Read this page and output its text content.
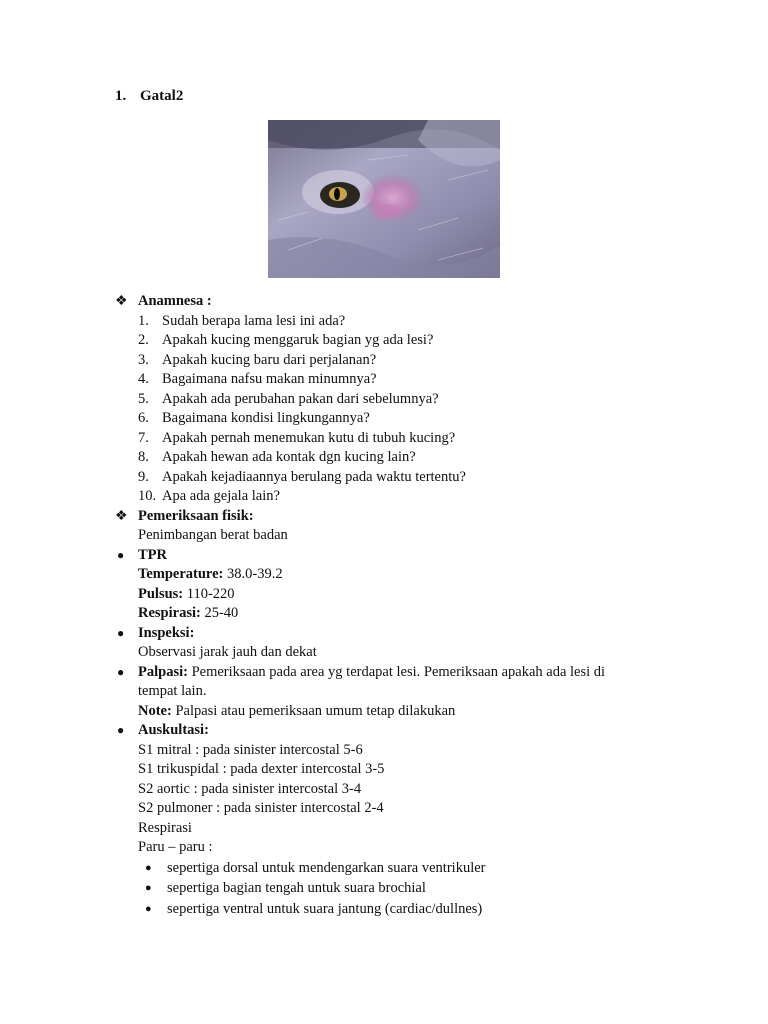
1. Gatal2
❖ Anamnesa :
1. Sudah berapa lama lesi ini ada?
2. Apakah kucing menggaruk bagian yg ada lesi?
3. Apakah kucing baru dari perjalanan?
4. Bagaimana nafsu makan minumnya?
5. Apakah ada perubahan pakan dari sebelumnya?
6. Bagaimana kondisi lingkungannya?
7. Apakah pernah menemukan kutu di tubuh kucing?
8. Apakah hewan ada kontak dgn kucing lain?
9. Apakah kejadiaannya berulang pada waktu tertentu?
10. Apa ada gejala lain?
❖ Pemeriksaan fisik:
Penimbangan berat badan
● TPR
Temperature: 38.0-39.2
Pulsus: 110-220
Respirasi: 25-40
● Inspeksi:
Observasi jarak jauh dan dekat
● Palpasi: Pemeriksaan pada area yg terdapat lesi. Pemeriksaan apakah ada lesi di tempat lain.
Note: Palpasi atau pemeriksaan umum tetap dilakukan
● Auskultasi:
S1 mitral : pada sinister intercostal 5-6
S1 trikuspidal : pada dexter intercostal 3-5
S2 aortic : pada sinister intercostal 3-4
S2 pulmoner : pada sinister intercostal 2-4
Respirasi
Paru – paru :
● sepertiga dorsal untuk mendengarkan suara ventrikuler
● sepertiga bagian tengah untuk suara brochial
● sepertiga ventral untuk suara jantung (cardiac/dullnes)
